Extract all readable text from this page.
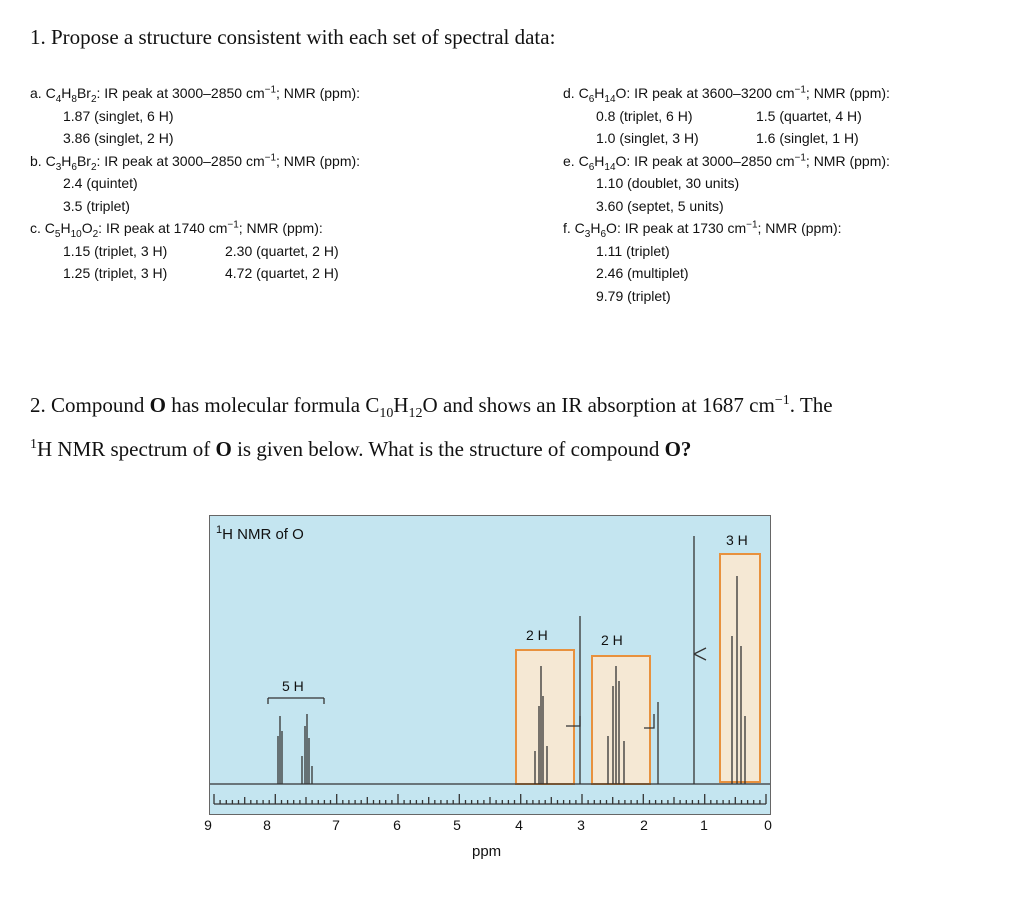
1. Propose a structure consistent with each set of spectral data:

a. $C_4H_8Br_2$: IR peak at 3000–2850 $cm^{-1}$; NMR (ppm):
1.87 (singlet, 6 H)
3.86 (singlet, 2 H)
b. $C_3H_6Br_2$: IR peak at 3000–2850 $cm^{-1}$; NMR (ppm):
2.4 (quintet)
3.5 (triplet)
c. $C_5H_{10}O_2$: IR peak at 1740 $cm^{-1}$; NMR (ppm):
1.15 (triplet, 3 H)	2.30 (quartet, 2 H)
1.25 (triplet, 3 H)	4.72 (quartet, 2 H)
d. $C_6H_{14}O$: IR peak at 3600–3200 $cm^{-1}$; NMR (ppm):
0.8 (triplet, 6 H)	1.5 (quartet, 4 H)
1.0 (singlet, 3 H)	1.6 (singlet, 1 H)
e. $C_6H_{14}O$: IR peak at 3000–2850 $cm^{-1}$; NMR (ppm):
1.10 (doublet, 30 units)
3.60 (septet, 5 units)
f. $C_3H_6O$: IR peak at 1730 $cm^{-1}$; NMR (ppm):
1.11 (triplet)
2.46 (multiplet)
9.79 (triplet)
2. Compound O has molecular formula $C_{10}H_{12}O$ and shows an IR absorption at 1687 $cm^{-1}$. The
$^1$H NMR spectrum of O is given below. What is the structure of compound O?
$^1$H NMR of O	3 H
2 H	2 H
5 H
9	8	7	6	5	4	3	2	1	0
ppm
